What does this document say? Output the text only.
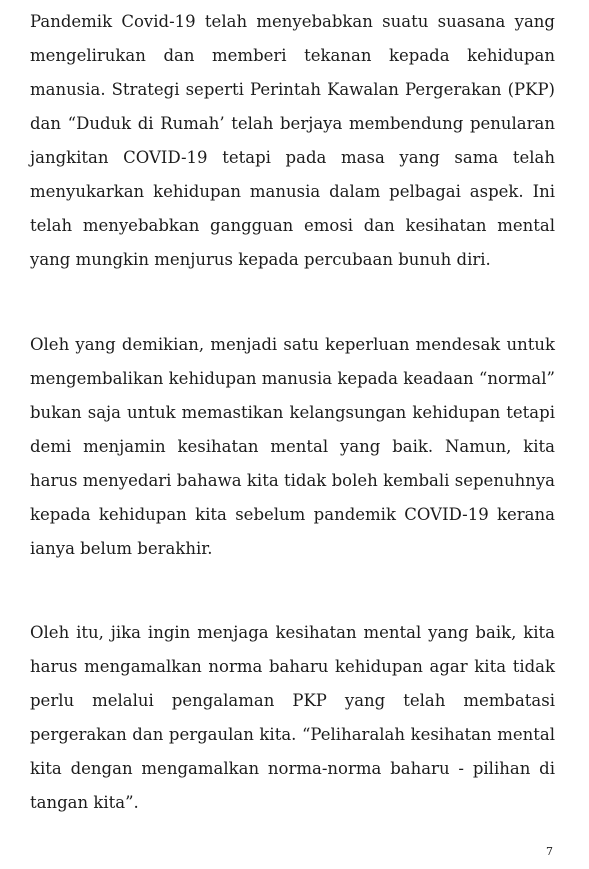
Pandemik Covid-19 telah menyebabkan suatu suasana yang mengelirukan dan memberi tekanan kepada kehidupan manusia. Strategi seperti Perintah Kawalan Pergerakan (PKP) dan “Duduk di Rumah’ telah berjaya membendung penularan jangkitan COVID-19 tetapi pada masa yang sama telah menyukarkan kehidupan manusia dalam pelbagai aspek. Ini telah menyebabkan gangguan emosi dan kesihatan mental yang mungkin menjurus kepada percubaan bunuh diri.

Oleh yang demikian, menjadi satu keperluan mendesak untuk mengembalikan kehidupan manusia kepada keadaan “normal” bukan saja untuk memastikan kelangsungan kehidupan tetapi demi menjamin kesihatan mental yang baik. Namun, kita harus menyedari bahawa kita tidak boleh kembali sepenuhnya kepada kehidupan kita sebelum pandemik COVID-19 kerana ianya belum berakhir.

Oleh itu, jika ingin menjaga kesihatan mental yang baik, kita harus mengamalkan norma baharu kehidupan agar kita tidak perlu melalui pengalaman PKP yang telah membatasi pergerakan dan pergaulan kita. “Peliharalah kesihatan mental kita dengan mengamalkan norma-norma baharu - pilihan di tangan kita”.

7
